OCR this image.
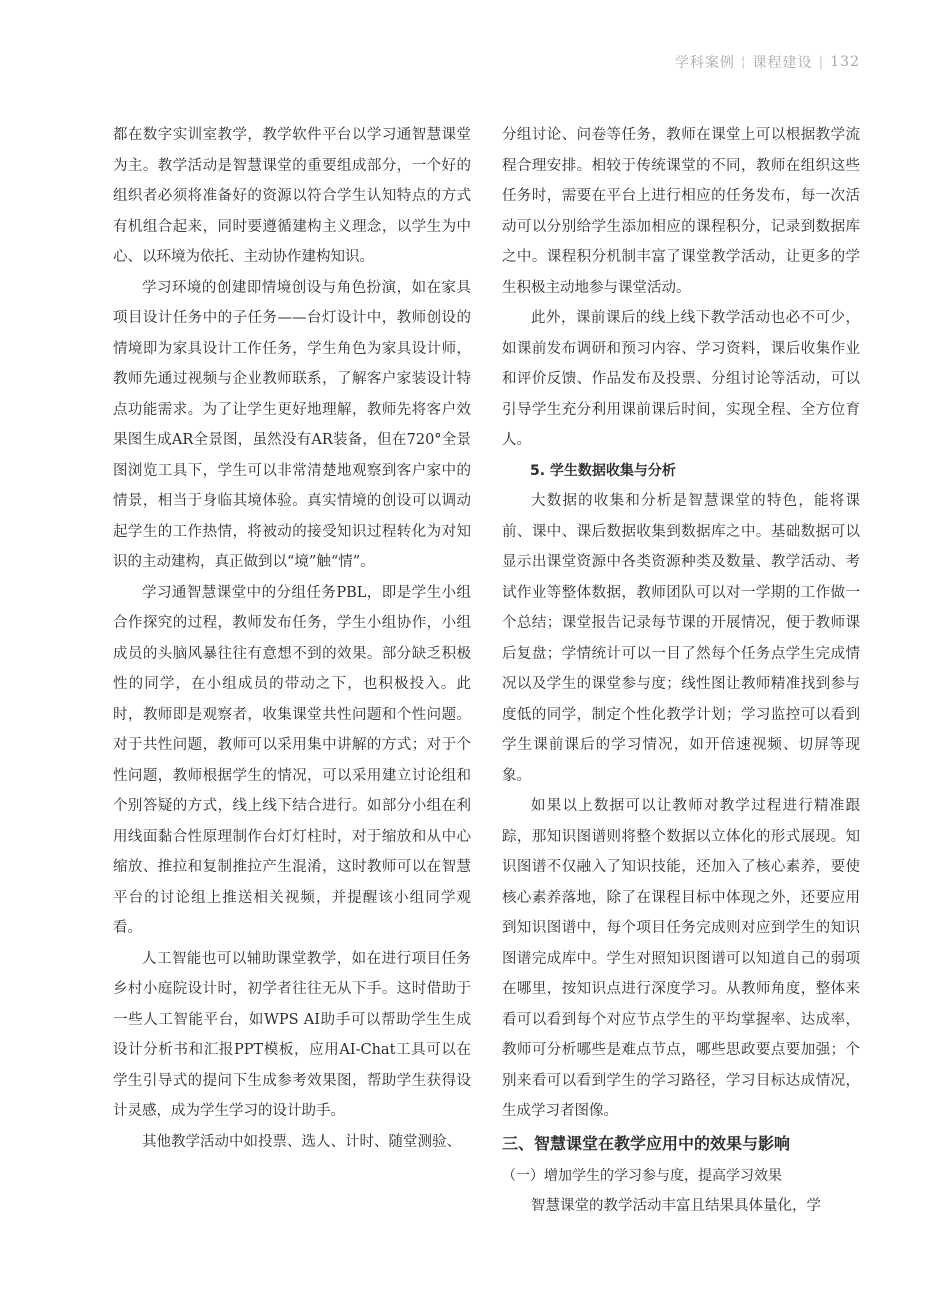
学科案例 ¦ 课程建设 | 132

都在数字实训室教学，教学软件平台以学习通智慧课堂为主。教学活动是智慧课堂的重要组成部分，一个好的组织者必须将准备好的资源以符合学生认知特点的方式有机组合起来，同时要遵循建构主义理念，以学生为中心、以环境为依托、主动协作建构知识。

学习环境的创建即情境创设与角色扮演，如在家具项目设计任务中的子任务——台灯设计中，教师创设的情境即为家具设计工作任务，学生角色为家具设计师，教师先通过视频与企业教师联系，了解客户家装设计特点功能需求。为了让学生更好地理解，教师先将客户效果图生成AR全景图，虽然没有AR装备，但在720°全景图浏览工具下，学生可以非常清楚地观察到客户家中的情景，相当于身临其境体验。真实情境的创设可以调动起学生的工作热情，将被动的接受知识过程转化为对知识的主动建构，真正做到以“境”触“情”。

学习通智慧课堂中的分组任务PBL，即是学生小组合作探究的过程，教师发布任务，学生小组协作，小组成员的头脑风暴往往有意想不到的效果。部分缺乏积极性的同学，在小组成员的带动之下，也积极投入。此时，教师即是观察者，收集课堂共性问题和个性问题。对于共性问题，教师可以采用集中讲解的方式；对于个性问题，教师根据学生的情况，可以采用建立讨论组和个别答疑的方式，线上线下结合进行。如部分小组在利用线面黏合性原理制作台灯灯柱时，对于缩放和从中心缩放、推拉和复制推拉产生混淆，这时教师可以在智慧平台的讨论组上推送相关视频，并提醒该小组同学观看。

人工智能也可以辅助课堂教学，如在进行项目任务乡村小庭院设计时，初学者往往无从下手。这时借助于一些人工智能平台，如WPS AI助手可以帮助学生生成设计分析书和汇报PPT模板，应用AI-Chat工具可以在学生引导式的提问下生成参考效果图，帮助学生获得设计灵感，成为学生学习的设计助手。

其他教学活动中如投票、选人、计时、随堂测验、

分组讨论、问卷等任务，教师在课堂上可以根据教学流程合理安排。相较于传统课堂的不同，教师在组织这些任务时，需要在平台上进行相应的任务发布，每一次活动可以分别给学生添加相应的课程积分，记录到数据库之中。课程积分机制丰富了课堂教学活动，让更多的学生积极主动地参与课堂活动。

此外，课前课后的线上线下教学活动也必不可少，如课前发布调研和预习内容、学习资料，课后收集作业和评价反馈、作品发布及投票、分组讨论等活动，可以引导学生充分利用课前课后时间，实现全程、全方位育人。

5. 学生数据收集与分析

大数据的收集和分析是智慧课堂的特色，能将课前、课中、课后数据收集到数据库之中。基础数据可以显示出课堂资源中各类资源种类及数量、教学活动、考试作业等整体数据，教师团队可以对一学期的工作做一个总结；课堂报告记录每节课的开展情况，便于教师课后复盘；学情统计可以一目了然每个任务点学生完成情况以及学生的课堂参与度；线性图让教师精准找到参与度低的同学，制定个性化教学计划；学习监控可以看到学生课前课后的学习情况，如开倍速视频、切屏等现象。

如果以上数据可以让教师对教学过程进行精准跟踪，那知识图谱则将整个数据以立体化的形式展现。知识图谱不仅融入了知识技能，还加入了核心素养，要使核心素养落地，除了在课程目标中体现之外，还要应用到知识图谱中，每个项目任务完成则对应到学生的知识图谱完成库中。学生对照知识图谱可以知道自己的弱项在哪里，按知识点进行深度学习。从教师角度，整体来看可以看到每个对应节点学生的平均掌握率、达成率，教师可分析哪些是难点节点，哪些思政要点要加强；个别来看可以看到学生的学习路径，学习目标达成情况，生成学习者图像。

三、智慧课堂在教学应用中的效果与影响

（一）增加学生的学习参与度，提高学习效果

智慧课堂的教学活动丰富且结果具体量化，学
